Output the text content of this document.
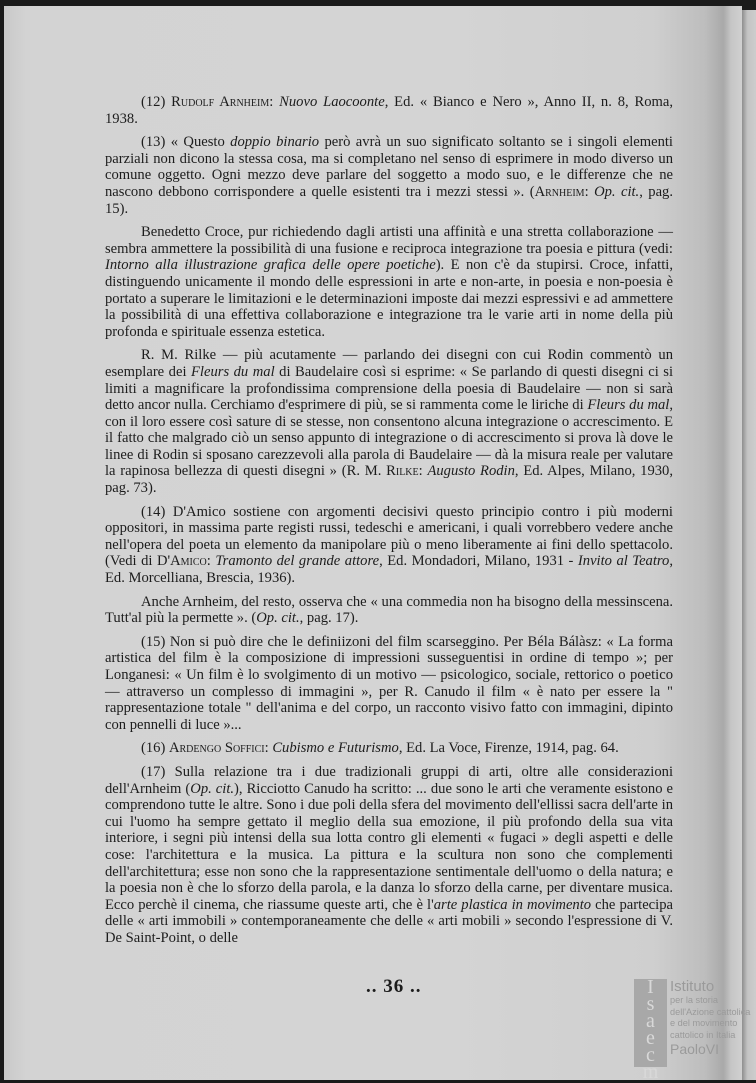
(12) Rudolf Arnheim: Nuovo Laocoonte, Ed. « Bianco e Nero », Anno II, n. 8, Roma, 1938.

(13) « Questo doppio binario però avrà un suo significato soltanto se i singoli elementi parziali non dicono la stessa cosa, ma si completano nel senso di esprimere in modo diverso un comune oggetto. Ogni mezzo deve parlare del soggetto a modo suo, e le differenze che ne nascono debbono corrispondere a quelle esistenti tra i mezzi stessi ». (Arnheim: Op. cit., pag. 15).

Benedetto Croce, pur richiedendo dagli artisti una affinità e una stretta collaborazione — sembra ammettere la possibilità di una fusione e reciproca integrazione tra poesia e pittura (vedi: Intorno alla illustrazione grafica delle opere poetiche). E non c'è da stupirsi. Croce, infatti, distinguendo unicamente il mondo delle espressioni in arte e non-arte, in poesia e non-poesia è portato a superare le limitazioni e le determinazioni imposte dai mezzi espressivi e ad ammettere la possibilità di una effettiva collaborazione e integrazione tra le varie arti in nome della più profonda e spirituale essenza estetica.

R. M. Rilke — più acutamente — parlando dei disegni con cui Rodin commentò un esemplare dei Fleurs du mal di Baudelaire così si esprime: « Se parlando di questi disegni ci si limiti a magnificare la profondissima comprensione della poesia di Baudelaire — non si sarà detto ancor nulla. Cerchiamo d'esprimere di più, se si rammenta come le liriche di Fleurs du mal, con il loro essere così sature di se stesse, non consentono alcuna integrazione o accrescimento. E il fatto che malgrado ciò un senso appunto di integrazione o di accrescimento si prova là dove le linee di Rodin si sposano carezzevoli alla parola di Baudelaire — dà la misura reale per valutare la rapinosa bellezza di questi disegni » (R. M. Rilke: Augusto Rodin, Ed. Alpes, Milano, 1930, pag. 73).

(14) D'Amico sostiene con argomenti decisivi questo principio contro i più moderni oppositori, in massima parte registi russi, tedeschi e americani, i quali vorrebbero vedere anche nell'opera del poeta un elemento da manipolare più o meno liberamente ai fini dello spettacolo. (Vedi di D'Amico: Tramonto del grande attore, Ed. Mondadori, Milano, 1931 - Invito al Teatro, Ed. Morcelliana, Brescia, 1936).

Anche Arnheim, del resto, osserva che « una commedia non ha bisogno della messinscena. Tutt'al più la permette ». (Op. cit., pag. 17).

(15) Non si può dire che le definiizoni del film scarseggino. Per Béla Bálàsz: « La forma artistica del film è la composizione di impressioni susseguentisi in ordine di tempo »; per Longanesi: « Un film è lo svolgimento di un motivo — psicologico, sociale, rettorico o poetico — attraverso un complesso di immagini », per R. Canudo il film « è nato per essere la " rappresentazione totale " dell'anima e del corpo, un racconto visivo fatto con immagini, dipinto con pennelli di luce »...

(16) Ardengo Soffici: Cubismo e Futurismo, Ed. La Voce, Firenze, 1914, pag. 64.

(17) Sulla relazione tra i due tradizionali gruppi di arti, oltre alle considerazioni dell'Arnheim (Op. cit.), Ricciotto Canudo ha scritto: ... due sono le arti che veramente esistono e comprendono tutte le altre. Sono i due poli della sfera del movimento dell'ellissi sacra dell'arte in cui l'uomo ha sempre gettato il meglio della sua emozione, il più profondo della sua vita interiore, i segni più intensi della sua lotta contro gli elementi « fugaci » degli aspetti e delle cose: l'architettura e la musica. La pittura e la scultura non sono che complementi dell'architettura; esse non sono che la rappresentazione sentimentale dell'uomo o della natura; e la poesia non è che lo sforzo della parola, e la danza lo sforzo della carne, per diventare musica. Ecco perchè il cinema, che riassume queste arti, che è l'arte plastica in movimento che partecipa delle « arti immobili » contemporaneamente che delle « arti mobili » secondo l'espressione di V. De Saint-Point, o delle

.. 36 ..	I
s
a
e
c
m
Istituto
per la storia
dell'Azione cattolica
e del movimento
cattolico in Italia
PaoloVI
